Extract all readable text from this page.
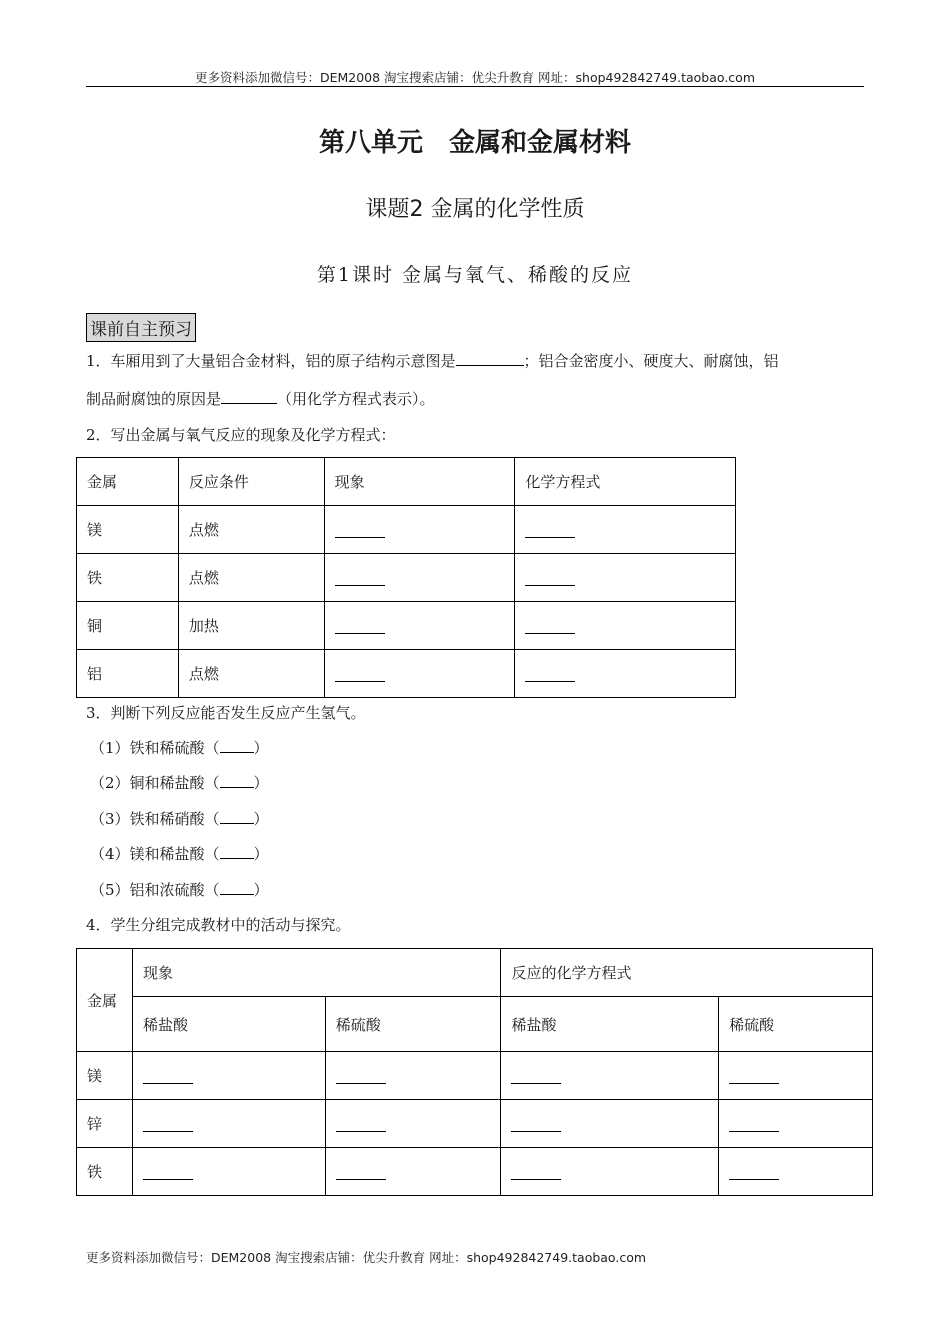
更多资料添加微信号：DEM2008 淘宝搜索店铺：优尖升教育 网址：shop492842749.taobao.com
第八单元　金属和金属材料
课题2 金属的化学性质
第1课时 金属与氧气、稀酸的反应
课前自主预习
1．车厢用到了大量铝合金材料，铝的原子结构示意图是	；铝合金密度小、硬度大、耐腐蚀，铝
制品耐腐蚀的原因是	（用化学方程式表示）。
2．写出金属与氧气反应的现象及化学方程式：
金属	反应条件	现象	化学方程式
镁	点燃		
铁	点燃		
铜	加热		
铝	点燃		
3．判断下列反应能否发生反应产生氢气。
（1）铁和稀硫酸（ ）
（2）铜和稀盐酸（ ）
（3）铁和稀硝酸（ ）
（4）镁和稀盐酸（ ）
（5）铝和浓硫酸（ ）
4．学生分组完成教材中的活动与探究。
金属	现象		反应的化学方程式	
	稀盐酸	稀硫酸	稀盐酸	稀硫酸
镁				
锌				
铁				
更多资料添加微信号：DEM2008 淘宝搜索店铺：优尖升教育 网址：shop492842749.taobao.com
